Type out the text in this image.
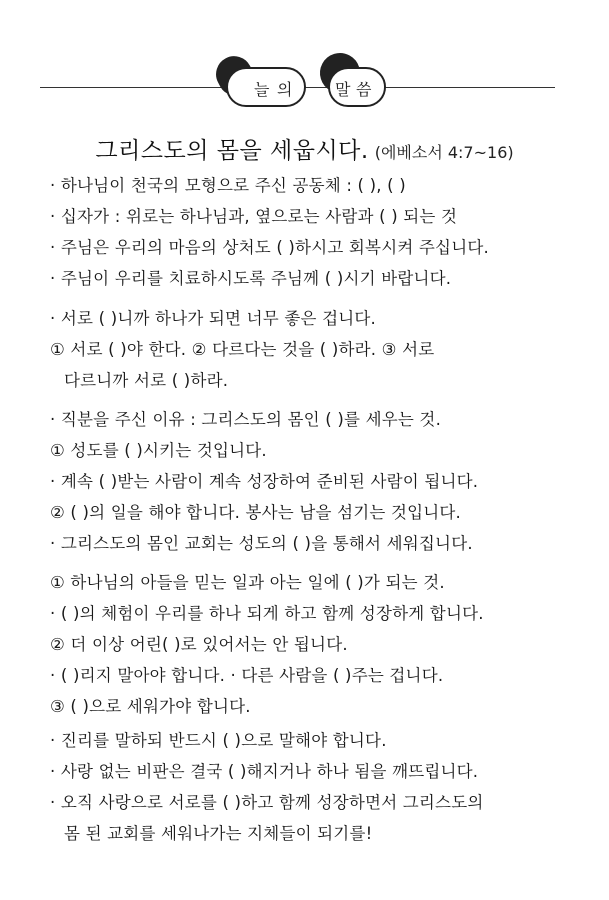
오 늘 의	말 씀
그리스도의 몸을 세웁시다. (에베소서 4:7~16)
· 하나님이 천국의 모형으로 주신 공동체 : ( ), ( )
· 십자가 : 위로는 하나님과, 옆으로는 사람과 ( ) 되는 것
· 주님은 우리의 마음의 상처도 ( )하시고 회복시켜 주십니다.
· 주님이 우리를 치료하시도록 주님께 ( )시기 바랍니다.
· 서로 ( )니까 하나가 되면 너무 좋은 겁니다.
① 서로 ( )야 한다. ② 다르다는 것을 ( )하라. ③ 서로
다르니까 서로 ( )하라.
· 직분을 주신 이유 : 그리스도의 몸인 ( )를 세우는 것.
① 성도를 ( )시키는 것입니다.
· 계속 ( )받는 사람이 계속 성장하여 준비된 사람이 됩니다.
② ( )의 일을 해야 합니다. 봉사는 남을 섬기는 것입니다.
· 그리스도의 몸인 교회는 성도의 ( )을 통해서 세워집니다.
① 하나님의 아들을 믿는 일과 아는 일에 ( )가 되는 것.
· ( )의 체험이 우리를 하나 되게 하고 함께 성장하게 합니다.
② 더 이상 어린( )로 있어서는 안 됩니다.
· ( )리지 말아야 합니다. · 다른 사람을 ( )주는 겁니다.
③ ( )으로 세워가야 합니다.
· 진리를 말하되 반드시 ( )으로 말해야 합니다.
· 사랑 없는 비판은 결국 ( )해지거나 하나 됨을 깨뜨립니다.
· 오직 사랑으로 서로를 ( )하고 함께 성장하면서 그리스도의
몸 된 교회를 세워나가는 지체들이 되기를!
